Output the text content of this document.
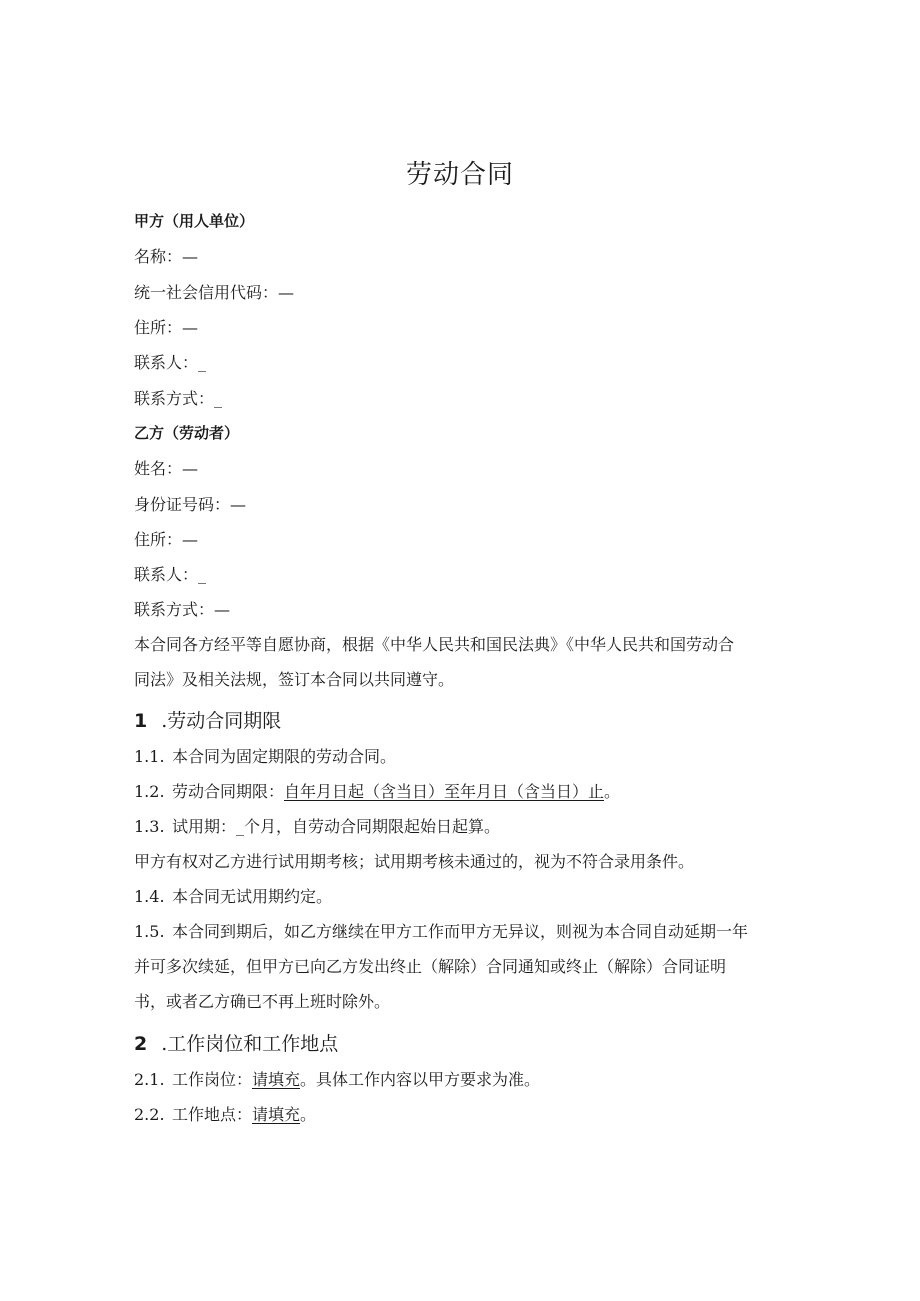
劳动合同
甲方（用人单位）
名称：—
统一社会信用代码：—
住所：—
联系人：_
联系方式：_
乙方（劳动者）
姓名：—
身份证号码：—
住所：—
联系人：_
联系方式：—
本合同各方经平等自愿协商，根据《中华人民共和国民法典》《中华人民共和国劳动合
同法》及相关法规，签订本合同以共同遵守。
1 .劳动合同期限
1.1. 本合同为固定期限的劳动合同。
1.2. 劳动合同期限：自年月日起（含当日）至年月日（含当日）止。
1.3. 试用期：_个月，自劳动合同期限起始日起算。
甲方有权对乙方进行试用期考核；试用期考核未通过的，视为不符合录用条件。
1.4. 本合同无试用期约定。
1.5. 本合同到期后，如乙方继续在甲方工作而甲方无异议，则视为本合同自动延期一年
并可多次续延，但甲方已向乙方发出终止（解除）合同通知或终止（解除）合同证明
书，或者乙方确已不再上班时除外。
2 .工作岗位和工作地点
2.1. 工作岗位：请填充。具体工作内容以甲方要求为准。
2.2. 工作地点：请填充。
